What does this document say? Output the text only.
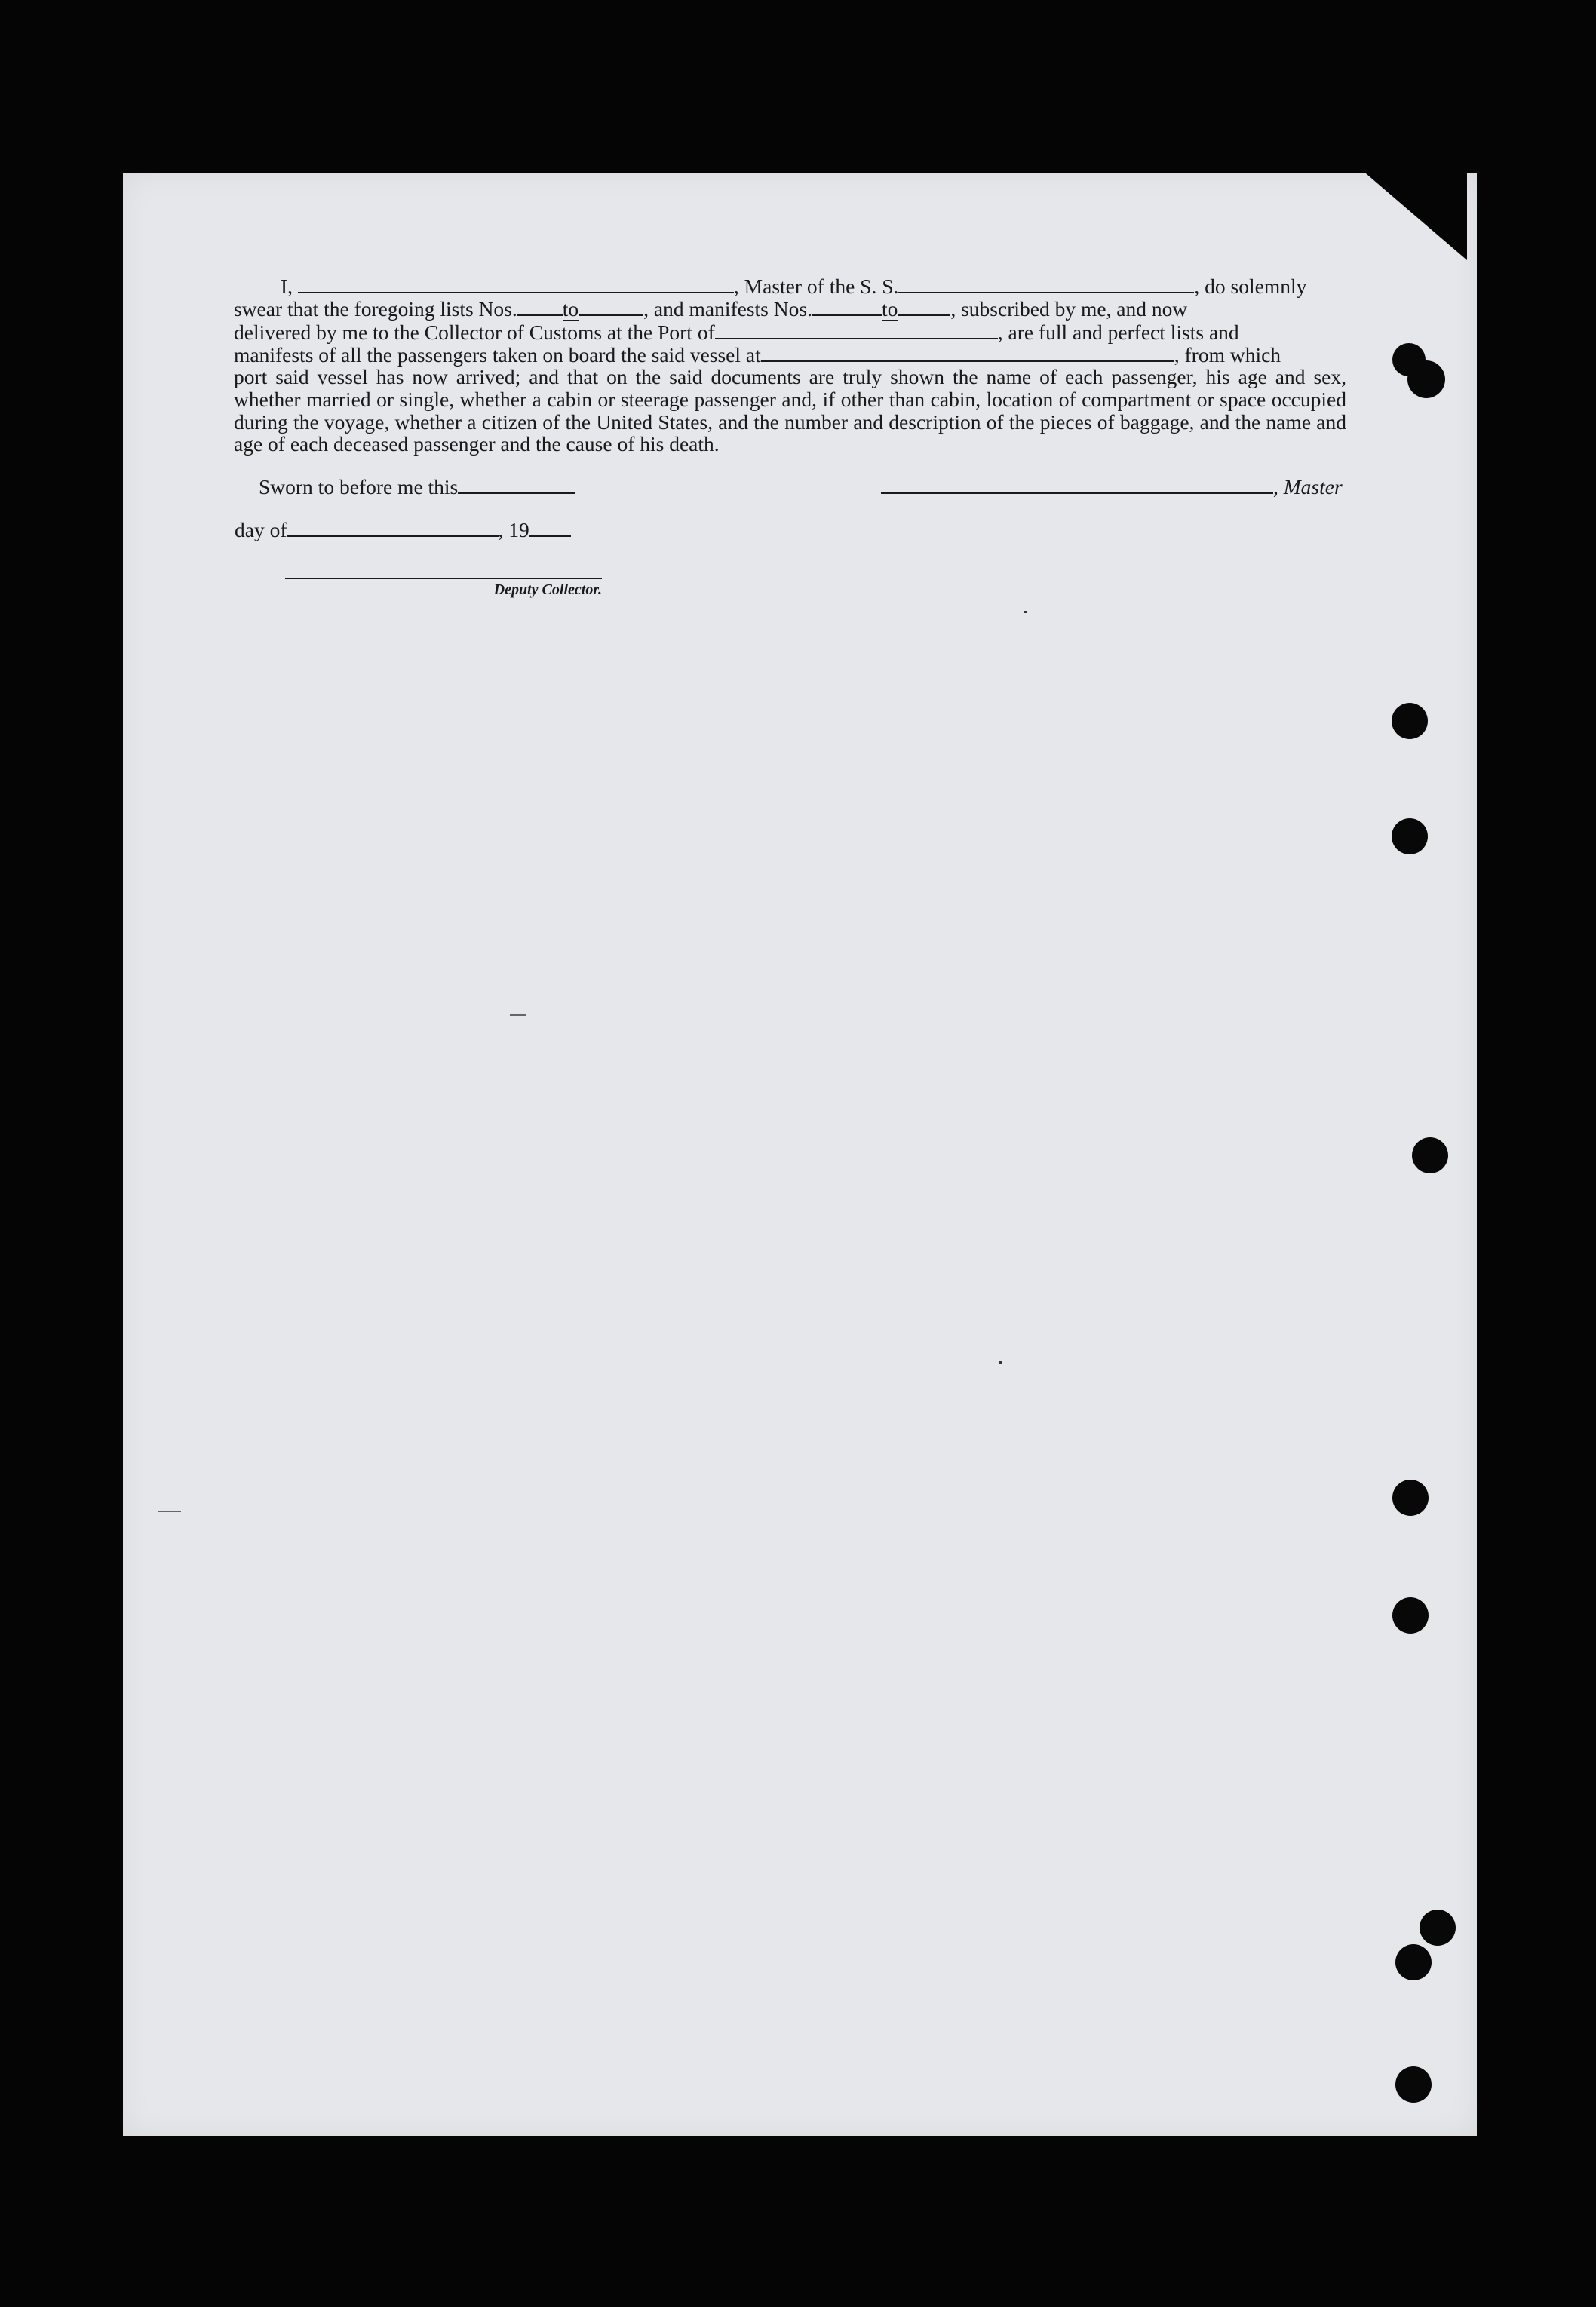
I,	, Master of the S. S.	, do solemnly
swear that the foregoing lists Nos. to	, and manifests Nos.	to	, subscribed by me, and now
delivered by me to the Collector of Customs at the Port of	, are full and perfect lists and
manifests of all the passengers taken on board the said vessel at	, from which
port said vessel has now arrived; and that on the said documents are truly shown the name of each passenger, his age and sex, whether married or single, whether a cabin or steerage passenger and, if other than cabin, location of compartment or space occupied during the voyage, whether a citizen of the United States, and the number and description of the pieces of baggage, and the name and age of each deceased passenger and the cause of his death.
Sworn to before me this
day of	, 19
, Master
Deputy Collector.
